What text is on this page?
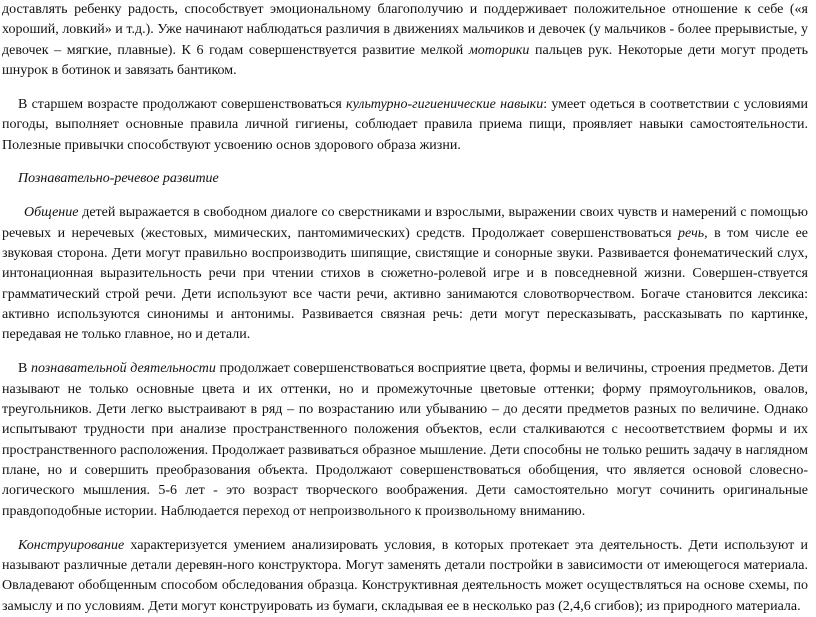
доставлять ребенку радость, способствует эмоциональному благополучию и поддерживает положительное отношение к себе («я хороший, ловкий» и т.д.). Уже начинают наблюдаться различия в движениях мальчиков и девочек (у мальчиков - более прерывистые, у девочек – мягкие, плавные). К 6 годам совершенствуется развитие мелкой моторики пальцев рук. Некоторые дети могут продеть шнурок в ботинок и завязать бантиком.

В старшем возрасте продолжают совершенствоваться культурно-гигиенические навыки: умеет одеться в соответствии с условиями погоды, выполняет основные правила личной гигиены, соблюдает правила приема пищи, проявляет навыки самостоятельности. Полезные привычки способствуют усвоению основ здорового образа жизни.

Познавательно-речевое развитие

Общение детей выражается в свободном диалоге со сверстниками и взрослыми, выражении своих чувств и намерений с помощью речевых и неречевых (жестовых, мимических, пантомимических) средств. Продолжает совершенствоваться речь, в том числе ее звуковая сторона. Дети могут правильно воспроизводить шипящие, свистящие и сонорные звуки. Развивается фонематический слух, интонационная выразительность речи при чтении стихов в сюжетно-ролевой игре и в повседневной жизни. Совершен-ствуется грамматический строй речи. Дети используют все части речи, активно занимаются словотворчеством. Богаче становится лексика: активно используются синонимы и антонимы. Развивается связная речь: дети могут пересказывать, рассказывать по картинке, передавая не только главное, но и детали.

В познавательной деятельности продолжает совершенствоваться восприятие цвета, формы и величины, строения предметов. Дети называют не только основные цвета и их оттенки, но и промежуточные цветовые оттенки; форму прямоугольников, овалов, треугольников. Дети легко выстраивают в ряд – по возрастанию или убыванию – до десяти предметов разных по величине. Однако испытывают трудности при анализе пространственного положения объектов, если сталкиваются с несоответствием формы и их пространственного расположения. Продолжает развиваться образное мышление. Дети способны не только решить задачу в наглядном плане, но и совершить преобразования объекта. Продолжают совершенствоваться обобщения, что является основой словесно-логического мышления. 5-6 лет - это возраст творческого воображения. Дети самостоятельно могут сочинить оригинальные правдоподобные истории. Наблюдается переход от непроизвольного к произвольному вниманию.

Конструирование характеризуется умением анализировать условия, в которых протекает эта деятельность. Дети используют и называют различные детали деревян-ного конструктора. Могут заменять детали постройки в зависимости от имеющегося материала. Овладевают обобщенным способом обследования образца. Конструктивная деятельность может осуществляться на основе схемы, по замыслу и по условиям. Дети могут конструировать из бумаги, складывая ее в несколько раз (2,4,6 сгибов); из природного материала.
